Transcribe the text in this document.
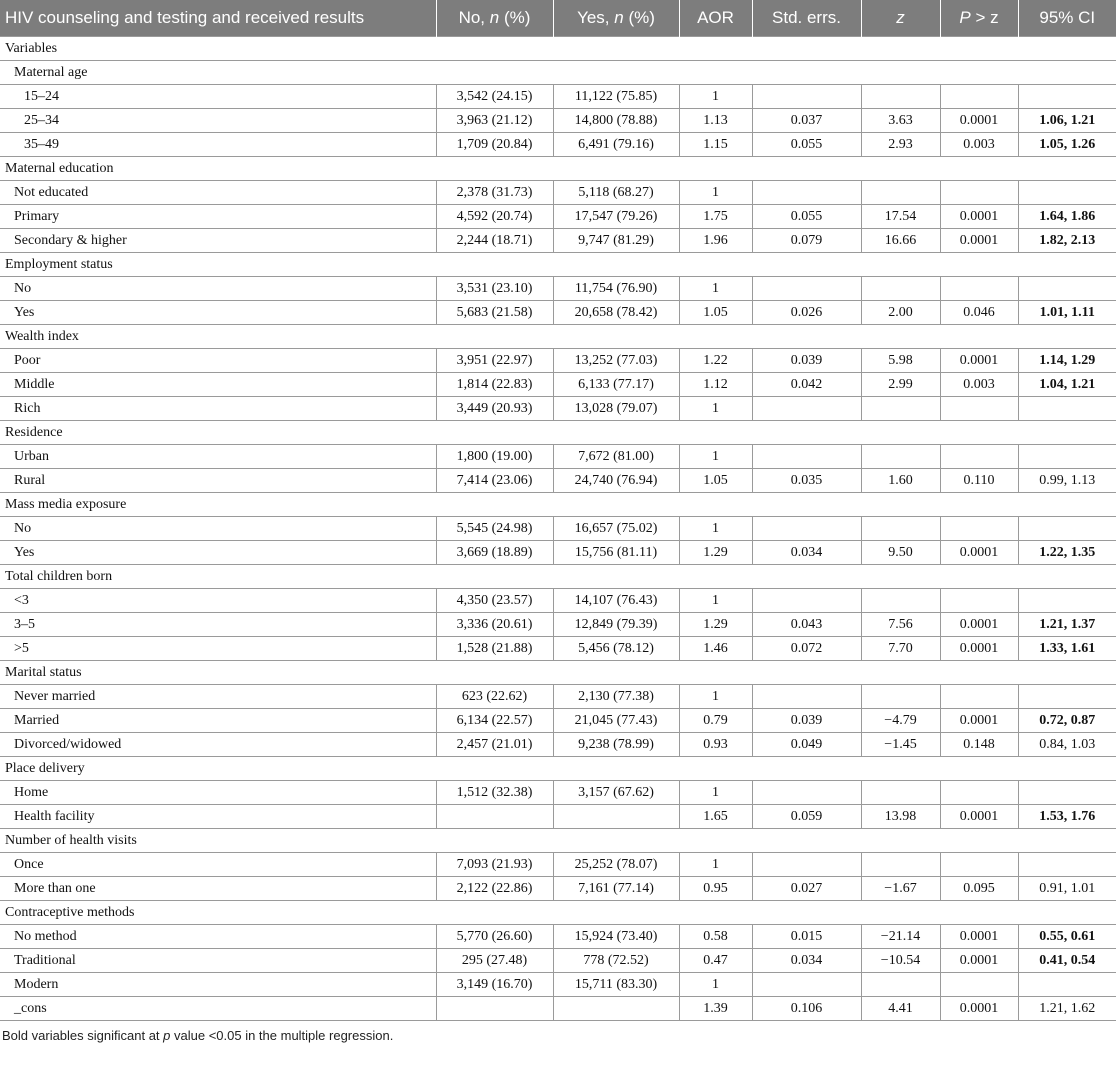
HIV counseling and testing and received results	No, n (%)	Yes, n (%)	AOR	Std. errs.	z	P > z	95% CI
Variables							
Maternal age							
15–24	3,542 (24.15)	11,122 (75.85)	1				
25–34	3,963 (21.12)	14,800 (78.88)	1.13	0.037	3.63	0.0001	1.06, 1.21
35–49	1,709 (20.84)	6,491 (79.16)	1.15	0.055	2.93	0.003	1.05, 1.26
Maternal education							
Not educated	2,378 (31.73)	5,118 (68.27)	1				
Primary	4,592 (20.74)	17,547 (79.26)	1.75	0.055	17.54	0.0001	1.64, 1.86
Secondary & higher	2,244 (18.71)	9,747 (81.29)	1.96	0.079	16.66	0.0001	1.82, 2.13
Employment status							
No	3,531 (23.10)	11,754 (76.90)	1				
Yes	5,683 (21.58)	20,658 (78.42)	1.05	0.026	2.00	0.046	1.01, 1.11
Wealth index							
Poor	3,951 (22.97)	13,252 (77.03)	1.22	0.039	5.98	0.0001	1.14, 1.29
Middle	1,814 (22.83)	6,133 (77.17)	1.12	0.042	2.99	0.003	1.04, 1.21
Rich	3,449 (20.93)	13,028 (79.07)	1				
Residence							
Urban	1,800 (19.00)	7,672 (81.00)	1				
Rural	7,414 (23.06)	24,740 (76.94)	1.05	0.035	1.60	0.110	0.99, 1.13
Mass media exposure							
No	5,545 (24.98)	16,657 (75.02)	1				
Yes	3,669 (18.89)	15,756 (81.11)	1.29	0.034	9.50	0.0001	1.22, 1.35
Total children born							
<3	4,350 (23.57)	14,107 (76.43)	1				
3–5	3,336 (20.61)	12,849 (79.39)	1.29	0.043	7.56	0.0001	1.21, 1.37
>5	1,528 (21.88)	5,456 (78.12)	1.46	0.072	7.70	0.0001	1.33, 1.61
Marital status							
Never married	623 (22.62)	2,130 (77.38)	1				
Married	6,134 (22.57)	21,045 (77.43)	0.79	0.039	−4.79	0.0001	0.72, 0.87
Divorced/widowed	2,457 (21.01)	9,238 (78.99)	0.93	0.049	−1.45	0.148	0.84, 1.03
Place delivery							
Home	1,512 (32.38)	3,157 (67.62)	1				
Health facility			1.65	0.059	13.98	0.0001	1.53, 1.76
Number of health visits							
Once	7,093 (21.93)	25,252 (78.07)	1				
More than one	2,122 (22.86)	7,161 (77.14)	0.95	0.027	−1.67	0.095	0.91, 1.01
Contraceptive methods							
No method	5,770 (26.60)	15,924 (73.40)	0.58	0.015	−21.14	0.0001	0.55, 0.61
Traditional	295 (27.48)	778 (72.52)	0.47	0.034	−10.54	0.0001	0.41, 0.54
Modern	3,149 (16.70)	15,711 (83.30)	1				
_cons			1.39	0.106	4.41	0.0001	1.21, 1.62
Bold variables significant at p value <0.05 in the multiple regression.
